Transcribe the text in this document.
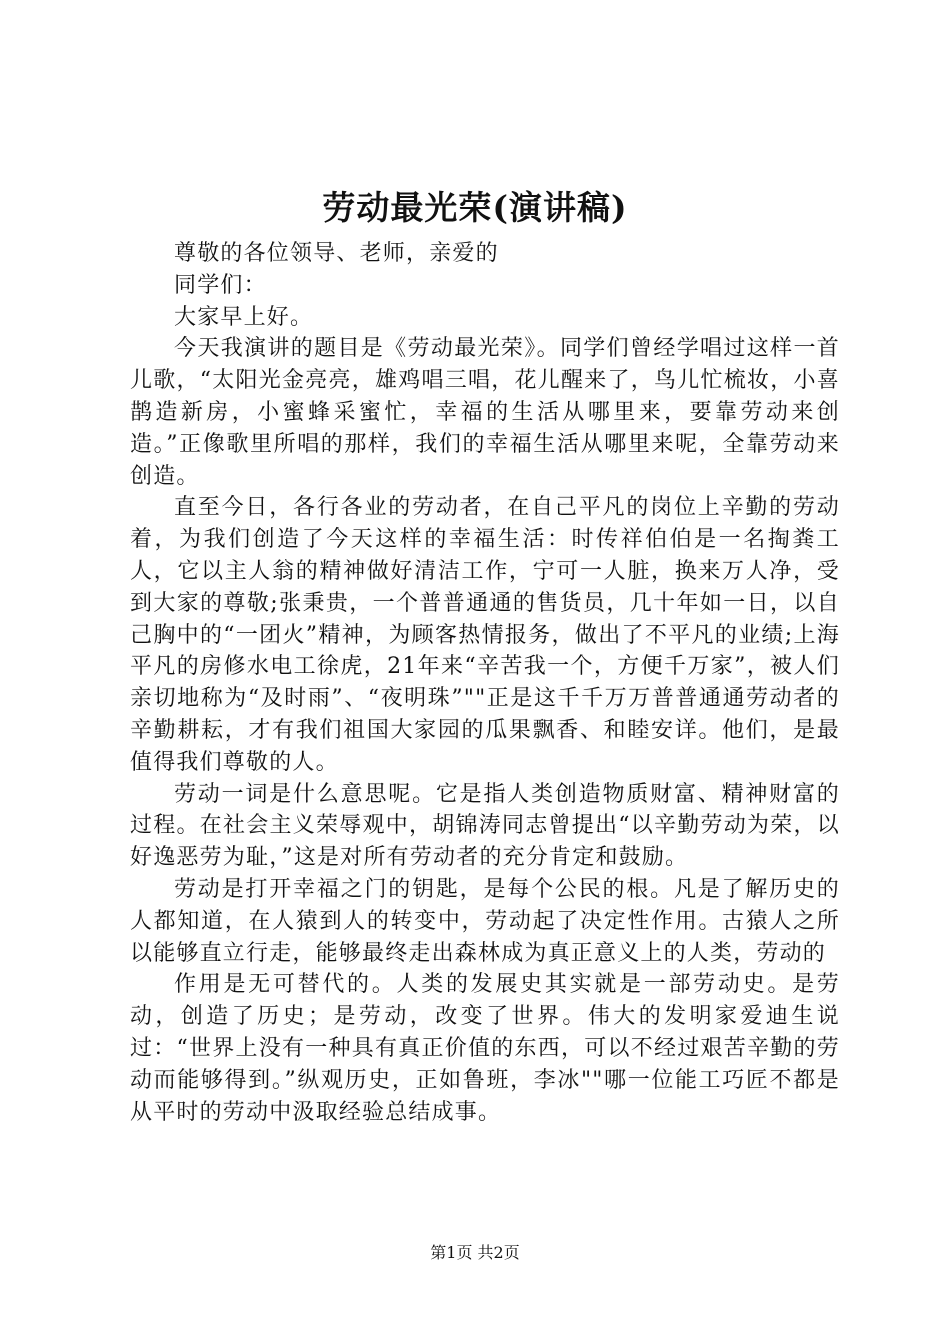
劳动最光荣(演讲稿)

尊敬的各位领导、老师，亲爱的

同学们：

大家早上好。

今天我演讲的题目是《劳动最光荣》。同学们曾经学唱过这样一首儿歌，“太阳光金亮亮，雄鸡唱三唱，花儿醒来了，鸟儿忙梳妆，小喜鹊造新房，小蜜蜂采蜜忙，幸福的生活从哪里来，要靠劳动来创造。”正像歌里所唱的那样，我们的幸福生活从哪里来呢，全靠劳动来创造。

直至今日，各行各业的劳动者，在自己平凡的岗位上辛勤的劳动着，为我们创造了今天这样的幸福生活：时传祥伯伯是一名掏粪工人，它以主人翁的精神做好清洁工作，宁可一人脏，换来万人净，受到大家的尊敬;张秉贵，一个普普通通的售货员，几十年如一日，以自己胸中的“一团火”精神，为顾客热情报务，做出了不平凡的业绩;上海平凡的房修水电工徐虎，21年来“辛苦我一个，方便千万家”，被人们亲切地称为“及时雨”、“夜明珠”""正是这千千万万普普通通劳动者的辛勤耕耘，才有我们祖国大家园的瓜果飘香、和睦安详。他们，是最值得我们尊敬的人。

劳动一词是什么意思呢。它是指人类创造物质财富、精神财富的过程。在社会主义荣辱观中，胡锦涛同志曾提出“以辛勤劳动为荣，以好逸恶劳为耻，”这是对所有劳动者的充分肯定和鼓励。

劳动是打开幸福之门的钥匙，是每个公民的根。凡是了解历史的人都知道，在人猿到人的转变中，劳动起了决定性作用。古猿人之所以能够直立行走，能够最终走出森林成为真正意义上的人类，劳动的

作用是无可替代的。人类的发展史其实就是一部劳动史。是劳动，创造了历史；是劳动，改变了世界。伟大的发明家爱迪生说过：“世界上没有一种具有真正价值的东西，可以不经过艰苦辛勤的劳动而能够得到。”纵观历史，正如鲁班，李冰""哪一位能工巧匠不都是从平时的劳动中汲取经验总结成事。

第1页 共2页
